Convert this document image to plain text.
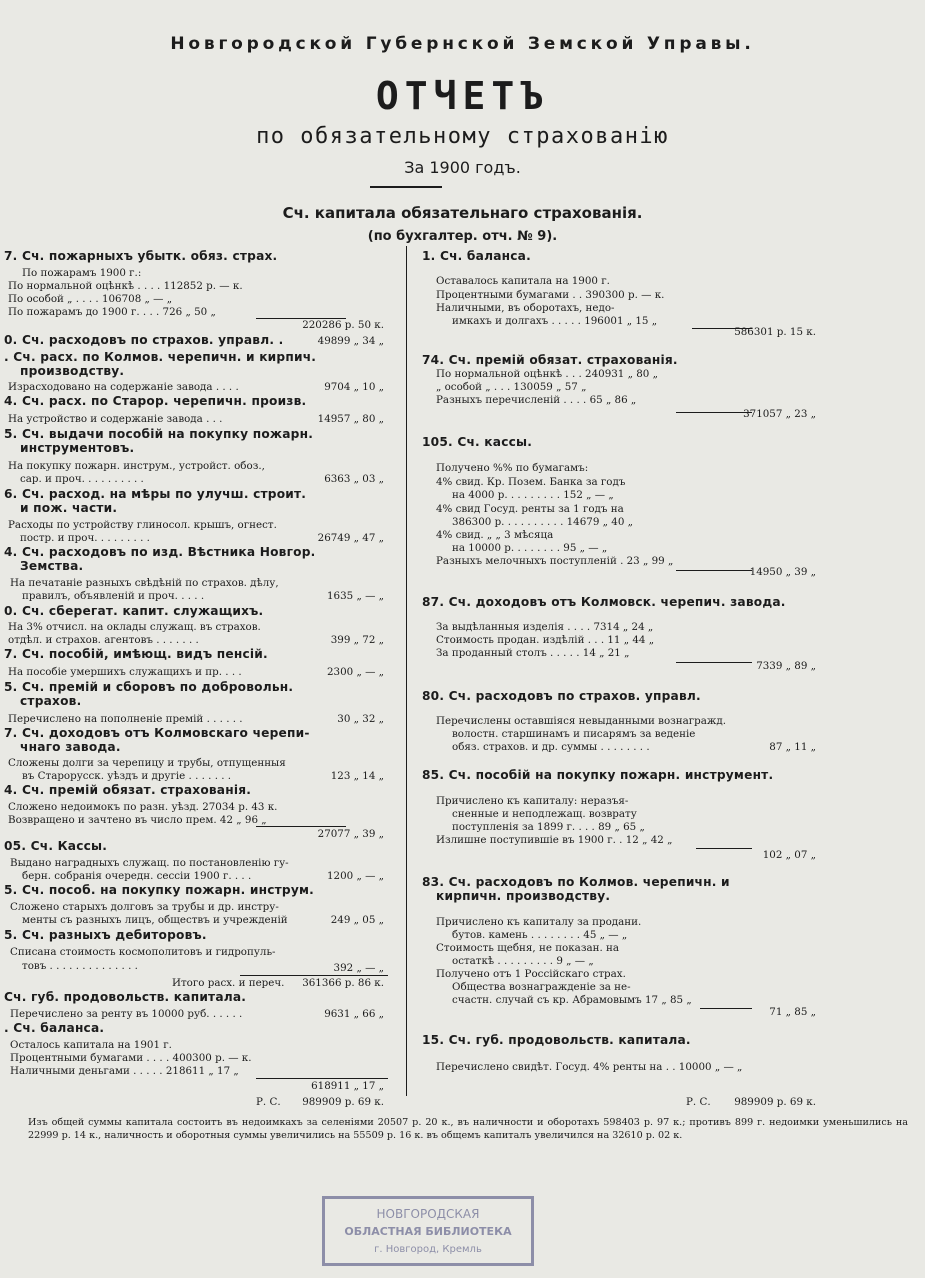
Новгородской Губернской Земской Управы.
ОТЧЕТЪ
по обязательному страхованію
За 1900 годъ.
Сч. капитала обязательнаго страхованія.
(по бухгалтер. отч. № 9).
7. Сч. пожарныхъ убытк. обяз. страх.
По пожарамъ 1900 г.:
По нормальной оцѣнкѣ . . . . 112852 р. — к.
По особой „ . . . . 106708 „ — „
По пожарамъ до 1900 г. . . . 726 „ 50 „
220286 р. 50 к.
0. Сч. расходовъ по страхов. управл. .	49899 „ 34 „
. Сч. расх. по Колмов. черепичн. и кирпич.
производству.
Израсходовано на содержаніе завода . . . .	9704 „ 10 „
4. Сч. расх. по Старор. черепичн. произв.
На устройство и содержаніе завода . . .	14957 „ 80 „
5. Сч. выдачи пособій на покупку пожарн.
инструментовъ.
На покупку пожарн. инструм., устройст. обоз.,
сар. и проч. . . . . . . . . .	6363 „ 03 „
6. Сч. расход. на мѣры по улучш. строит.
и пож. части.
Расходы по устройству глиносол. крышъ, огнест.
постр. и проч. . . . . . . . .	26749 „ 47 „
4. Сч. расходовъ по изд. Вѣстника Новгор.
Земства.
На печатаніе разныхъ свѣдѣній по страхов. дѣлу,
правилъ, объявленій и проч. . . . .	1635 „ — „
0. Сч. сберегат. капит. служащихъ.
На 3% отчисл. на оклады служащ. въ страхов.
отдѣл. и страхов. агентовъ . . . . . . .	399 „ 72 „
7. Сч. пособій, имѣющ. видъ пенсій.
На пособіе умершихъ служащихъ и пр. . . .	2300 „ — „
5. Сч. премій и сборовъ по добровольн.
страхов.
Перечислено на пополненіе премій . . . . . .	30 „ 32 „
7. Сч. доходовъ отъ Колмовскаго черепи-
чнаго завода.
Сложены долги за черепицу и трубы, отпущенныя
въ Старорусск. уѣздъ и другіе . . . . . . .	123 „ 14 „
4. Сч. премій обязат. страхованія.
Сложено недоимокъ по разн. уѣзд. 27034 р. 43 к.
Возвращено и зачтено въ число прем. 42 „ 96 „
27077 „ 39 „
05. Сч. Кассы.
Выдано наградныхъ служащ. по постановленію гу-
берн. собранія очередн. сессіи 1900 г. . . .	1200 „ — „
5. Сч. пособ. на покупку пожарн. инструм.
Сложено старыхъ долговъ за трубы и др. инстру-
менты съ разныхъ лицъ, обществъ и учрежденій	249 „ 05 „
5. Сч. разныхъ дебиторовъ.
Списана стоимость космополитовъ и гидропуль-
товъ . . . . . . . . . . . . . .	392 „ — „
Итого расх. и переч. 361366 р. 86 к.
Сч. губ. продовольств. капитала.
Перечислено за ренту въ 10000 руб. . . . . .	9631 „ 66 „
. Сч. баланса.
Осталось капитала на 1901 г.
Процентными бумагами . . . . 400300 р. — к.
Наличными деньгами . . . . . 218611 „ 17 „
618911 „ 17 „
Р. С. 989909 р. 69 к.
1. Сч. баланса.
Оставалось капитала на 1900 г.
Процентными бумагами . . 390300 р. — к.
Наличными, въ оборотахъ, недо-
имкахъ и долгахъ . . . . . 196001 „ 15 „
586301 р. 15 к.
74. Сч. премій обязат. страхованія.
По нормальной оцѣнкѣ . . . 240931 „ 80 „
„ особой „ . . . 130059 „ 57 „
Разныхъ перечисленій . . . . 65 „ 86 „
371057 „ 23 „
105. Сч. кассы.
Получено %% по бумагамъ:
4% свид. Кр. Позем. Банка за годъ
на 4000 р. . . . . . . . . 152 „ — „
4% свид Госуд. ренты за 1 годъ на
386300 р. . . . . . . . . . 14679 „ 40 „
4% свид. „ „ 3 мѣсяца
на 10000 р. . . . . . . . 95 „ — „
Разныхъ мелочныхъ поступленій . 23 „ 99 „
14950 „ 39 „
87. Сч. доходовъ отъ Колмовск. черепич. завода.
За выдѣланныя изделія . . . . 7314 „ 24 „
Стоимость продан. издѣлій . . . 11 „ 44 „
За проданный столъ . . . . . 14 „ 21 „
7339 „ 89 „
80. Сч. расходовъ по страхов. управл.
Перечислены оставшіяся невыданными вознагражд.
волостн. старшинамъ и писарямъ за веденіе
обяз. страхов. и др. суммы . . . . . . . .	87 „ 11 „
85. Сч. пособій на покупку пожарн. инструмент.
Причислено къ капиталу: неразъя-
сненные и неподлежащ. возврату
поступленія за 1899 г. . . . 89 „ 65 „
Излишне поступившіе въ 1900 г. . 12 „ 42 „
102 „ 07 „
83. Сч. расходовъ по Колмов. черепичн. и
кирпичн. производству.
Причислено къ капиталу за продани.
бутов. камень . . . . . . . . 45 „ — „
Стоимость щебня, не показан. на
остаткѣ . . . . . . . . . 9 „ — „
Получено отъ 1 Россійскаго страх.
Общества вознагражденіе за не-
счастн. случай съ кр. Абрамовымъ 17 „ 85 „
71 „ 85 „
15. Сч. губ. продовольств. капитала.
Перечислено свидѣт. Госуд. 4% ренты на . . 10000 „ — „
Р. С. 989909 р. 69 к.
Изъ общей суммы капитала состоитъ въ недоимкахъ за селеніями 20507 р. 20 к., въ наличности и оборотахъ 598403 р. 97 к.; противъ 899 г. недоимки уменьшились на 22999 р. 14 к., наличность и оборотныя суммы увеличились на 55509 р. 16 к. въ общемъ капиталъ увеличился на 32610 р. 02 к.
НОВГОРОДСКАЯ
ОБЛАСТНАЯ БИБЛИОТЕКА
г. Новгород, Кремль
